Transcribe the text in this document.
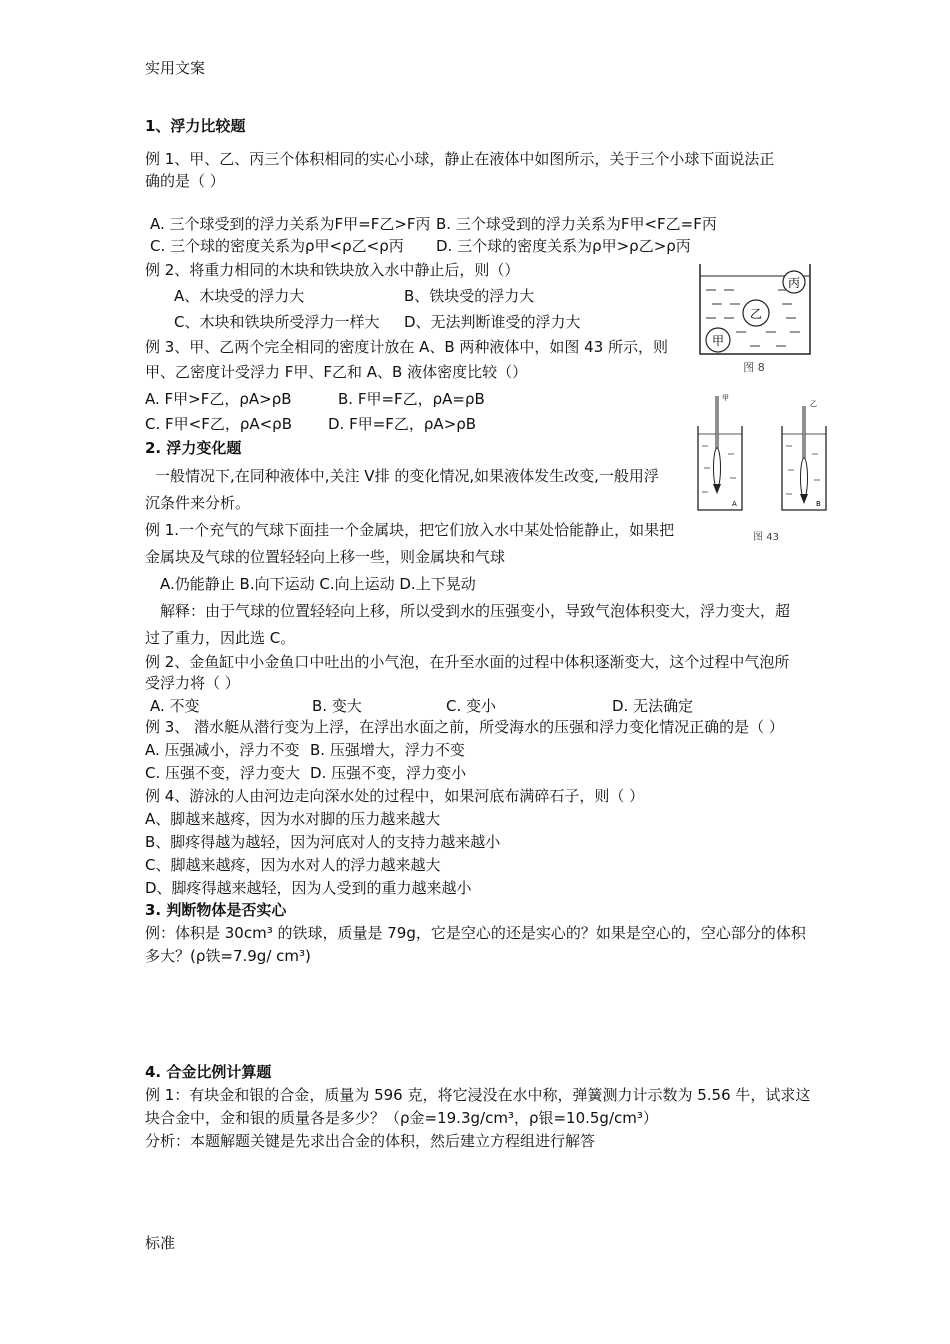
实用文案
标准
1、浮力比较题
例 1、甲、乙、丙三个体积相同的实心小球，静止在液体中如图所示，关于三个小球下面说法正
确的是（ ）
A. 三个球受到的浮力关系为F甲=F乙>F丙 B. 三个球受到的浮力关系为F甲<F乙=F丙
C. 三个球的密度关系为ρ甲<ρ乙<ρ丙 D. 三个球的密度关系为ρ甲>ρ乙>ρ丙
例 2、将重力相同的木块和铁块放入水中静止后，则（）
A、木块受的浮力大	B、铁块受的浮力大
C、木块和铁块所受浮力一样大 D、无法判断谁受的浮力大
例 3、甲、乙两个完全相同的密度计放在 A、B 两种液体中，如图 43 所示，则
甲、乙密度计受浮力 F甲、F乙和 A、B 液体密度比较（）
A. F甲>F乙，ρA>ρB	B. F甲=F乙，ρA=ρB
C. F甲<F乙，ρA<ρB D. F甲=F乙，ρA>ρB
2. 浮力变化题
一般情况下,在同种液体中,关注 V排 的变化情况,如果液体发生改变,一般用浮
沉条件来分析。
例 1.一个充气的气球下面挂一个金属块，把它们放入水中某处恰能静止，如果把
金属块及气球的位置轻轻向上移一些，则金属块和气球
A.仍能静止 B.向下运动 C.向上运动 D.上下晃动
解释：由于气球的位置轻轻向上移，所以受到水的压强变小，导致气泡体积变大，浮力变大，超
过了重力，因此选 C。
例 2、金鱼缸中小金鱼口中吐出的小气泡，在升至水面的过程中体积逐渐变大，这个过程中气泡所
受浮力将（ ）
A. 不变	B. 变大	C. 变小	D. 无法确定
例 3、 潜水艇从潜行变为上浮，在浮出水面之前，所受海水的压强和浮力变化情况正确的是（ ）
A. 压强减小，浮力不变 B. 压强增大，浮力不变
C. 压强不变，浮力变大 D. 压强不变，浮力变小
例 4、游泳的人由河边走向深水处的过程中，如果河底布满碎石子，则（ ）
A、脚越来越疼，因为水对脚的压力越来越大
B、脚疼得越为越轻，因为河底对人的支持力越来越小
C、脚越来越疼，因为水对人的浮力越来越大
D、脚疼得越来越轻，因为人受到的重力越来越小
3. 判断物体是否实心
例：体积是 30cm³ 的铁球，质量是 79g，它是空心的还是实心的？如果是空心的，空心部分的体积
多大？(ρ铁=7.9g/ cm³)
4. 合金比例计算题
例 1：有块金和银的合金，质量为 596 克，将它浸没在水中称，弹簧测力计示数为 5.56 牛，试求这
块合金中，金和银的质量各是多少？（ρ金=19.3g/cm³，ρ银=10.5g/cm³）
分析：本题解题关键是先求出合金的体积，然后建立方程组进行解答
丙
乙
甲
图 8
甲
A
乙
B
图 43
